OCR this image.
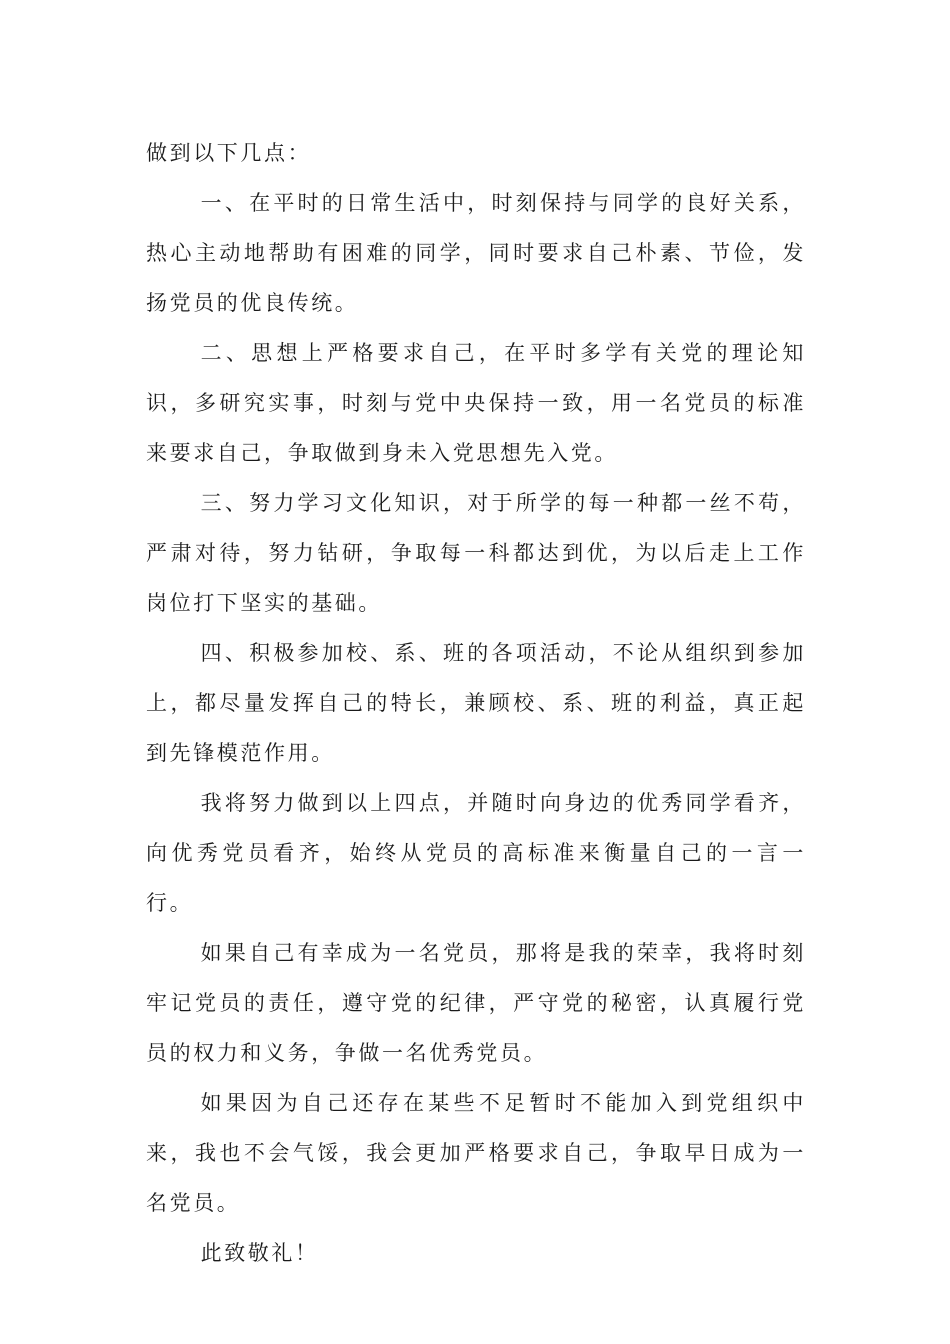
做到以下几点：

一、在平时的日常生活中，时刻保持与同学的良好关系，热心主动地帮助有困难的同学，同时要求自己朴素、节俭，发扬党员的优良传统。

二、思想上严格要求自己，在平时多学有关党的理论知识，多研究实事，时刻与党中央保持一致，用一名党员的标准来要求自己，争取做到身未入党思想先入党。

三、努力学习文化知识，对于所学的每一种都一丝不苟，严肃对待，努力钻研，争取每一科都达到优，为以后走上工作岗位打下坚实的基础。

四、积极参加校、系、班的各项活动，不论从组织到参加上，都尽量发挥自己的特长，兼顾校、系、班的利益，真正起到先锋模范作用。

我将努力做到以上四点，并随时向身边的优秀同学看齐，向优秀党员看齐，始终从党员的高标准来衡量自己的一言一行。

如果自己有幸成为一名党员，那将是我的荣幸，我将时刻牢记党员的责任，遵守党的纪律，严守党的秘密，认真履行党员的权力和义务，争做一名优秀党员。

如果因为自己还存在某些不足暂时不能加入到党组织中来，我也不会气馁，我会更加严格要求自己，争取早日成为一名党员。

此致敬礼！
